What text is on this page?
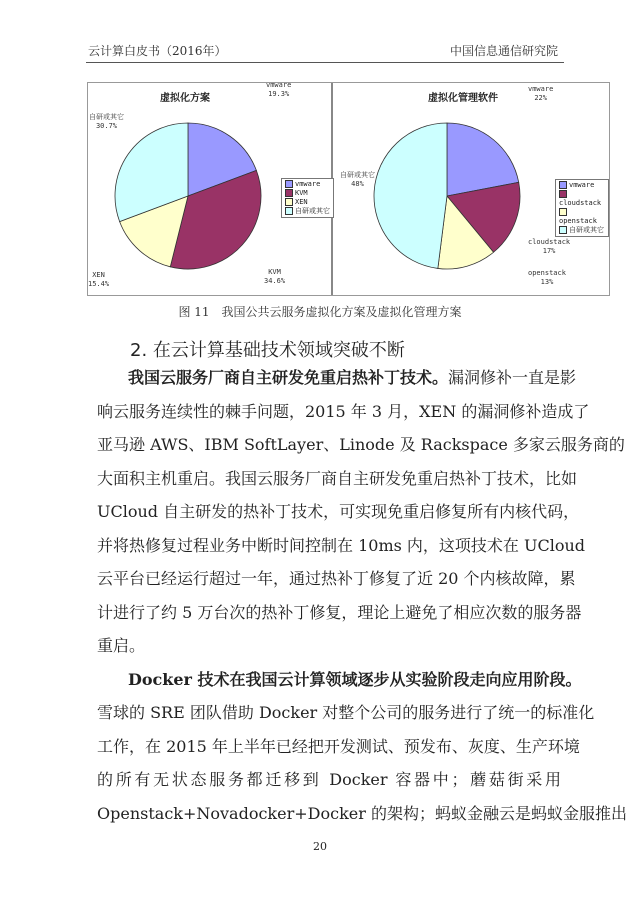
云计算白皮书（2016年）	中国信息通信研究院
虚拟化方案
vmware
19.3%
KVM
34.6%
XEN
15.4%
自研或其它
30.7%
vmware
KVM
XEN
自研或其它
虚拟化管理软件
vmware
22%
cloudstack
17%
openstack
13%
自研或其它
48%	vmware
cloudstack
openstack
自研或其它
图 11　我国公共云服务虚拟化方案及虚拟化管理方案
2. 在云计算基础技术领域突破不断
我国云服务厂商自主研发免重启热补丁技术。漏洞修补一直是影
响云服务连续性的棘手问题，2015 年 3 月，XEN 的漏洞修补造成了
亚马逊 AWS、IBM SoftLayer、Linode 及 Rackspace 多家云服务商的
大面积主机重启。我国云服务厂商自主研发免重启热补丁技术，比如
UCloud 自主研发的热补丁技术，可实现免重启修复所有内核代码，
并将热修复过程业务中断时间控制在 10ms 内，这项技术在 UCloud
云平台已经运行超过一年，通过热补丁修复了近 20 个内核故障，累
计进行了约 5 万台次的热补丁修复，理论上避免了相应次数的服务器
重启。
Docker 技术在我国云计算领域逐步从实验阶段走向应用阶段。
雪球的 SRE 团队借助 Docker 对整个公司的服务进行了统一的标准化
工作，在 2015 年上半年已经把开发测试、预发布、灰度、生产环境
的所有无状态服务都迁移到 Docker 容器中；蘑菇街采用
Openstack+Novadocker+Docker 的架构；蚂蚁金融云是蚂蚁金服推出
20
